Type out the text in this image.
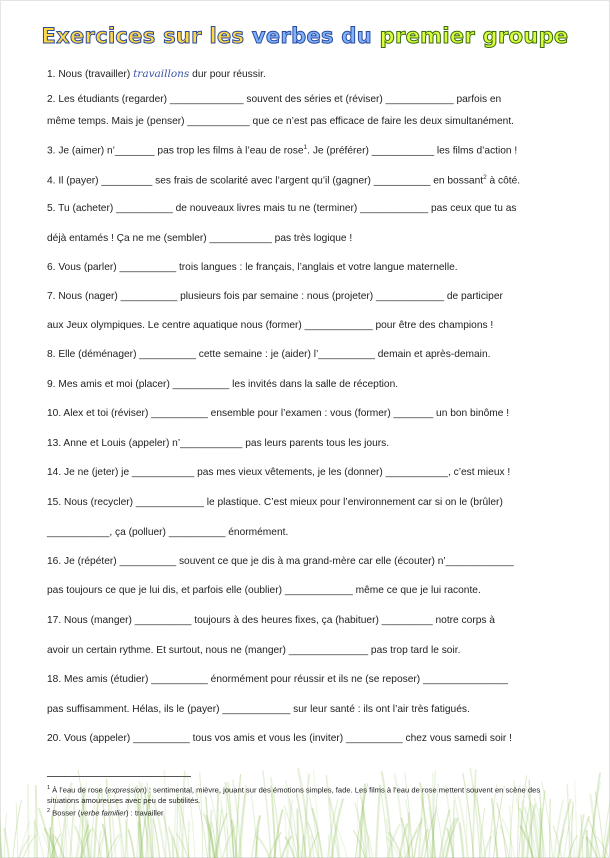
Exercices sur les verbes du premier groupe
1. Nous (travailler) travaillons dur pour réussir.
2. Les étudiants (regarder) _____________ souvent des séries et (réviser) ____________ parfois en
même temps. Mais je (penser) ___________ que ce n’est pas efficace de faire les deux simultanément.
3. Je (aimer) n’_______ pas trop les films à l’eau de rose$^1$. Je (préférer) ___________ les films d’action !
4. Il (payer) _________ ses frais de scolarité avec l’argent qu’il (gagner) __________ en bossant$^2$ à côté.
5. Tu (acheter) __________ de nouveaux livres mais tu ne (terminer) ____________ pas ceux que tu as
déjà entamés ! Ça ne me (sembler) ___________ pas très logique !
6. Vous (parler) __________ trois langues : le français, l’anglais et votre langue maternelle.
7. Nous (nager) __________ plusieurs fois par semaine : nous (projeter) ____________ de participer
aux Jeux olympiques. Le centre aquatique nous (former) ____________ pour être des champions !
8. Elle (déménager) __________ cette semaine : je (aider) l’__________ demain et après-demain.
9. Mes amis et moi (placer) __________ les invités dans la salle de réception.
10. Alex et toi (réviser) __________ ensemble pour l’examen : vous (former) _______ un bon binôme !
13. Anne et Louis (appeler) n’___________ pas leurs parents tous les jours.
14. Je ne (jeter) je ___________ pas mes vieux vêtements, je les (donner) ___________, c’est mieux !
15. Nous (recycler) ____________ le plastique. C’est mieux pour l’environnement car si on le (brûler)
___________, ça (polluer) __________ énormément.
16. Je (répéter) __________ souvent ce que je dis à ma grand-mère car elle (écouter) n’____________
pas toujours ce que je lui dis, et parfois elle (oublier) ____________ même ce que je lui raconte.
17. Nous (manger) __________ toujours à des heures fixes, ça (habituer) _________ notre corps à
avoir un certain rythme. Et surtout, nous ne (manger) ______________ pas trop tard le soir.
18. Mes amis (étudier) __________ énormément pour réussir et ils ne (se reposer) _______________
pas suffisamment. Hélas, ils le (payer) ____________ sur leur santé : ils ont l’air très fatigués.
20. Vous (appeler) __________ tous vos amis et vous les (inviter) __________ chez vous samedi soir !
$^1$ À l’eau de rose (expression) : sentimental, mièvre, jouant sur des émotions simples, fade. Les films à l’eau de rose mettent souvent en scène des situations amoureuses avec peu de subtilités.
$^2$ Bosser (verbe familier) : travailler
